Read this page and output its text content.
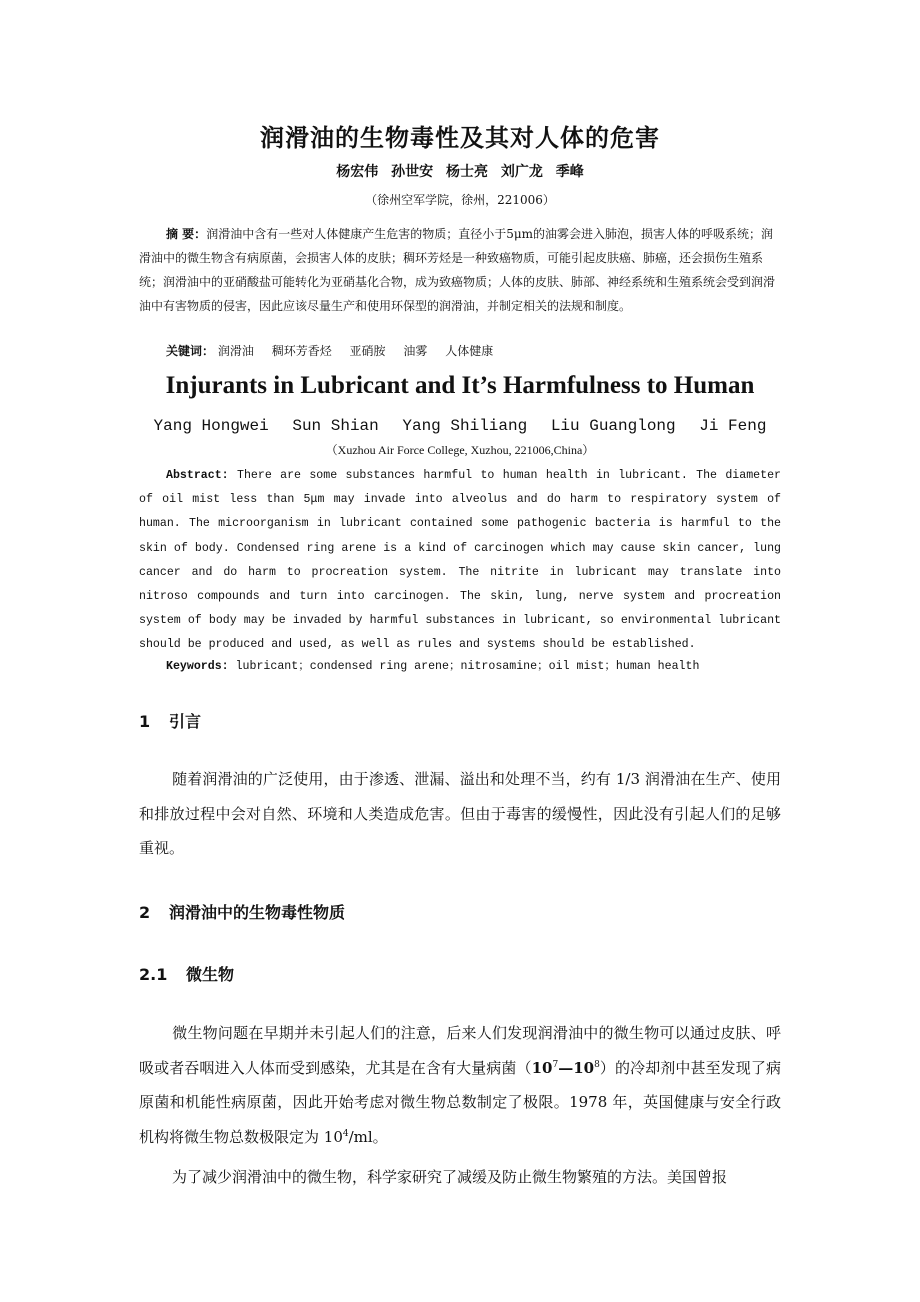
润滑油的生物毒性及其对人体的危害
杨宏伟 孙世安 杨士亮 刘广龙 季峰
（徐州空军学院，徐州，221006）
摘 要：润滑油中含有一些对人体健康产生危害的物质；直径小于5μm的油雾会进入肺泡，损害人体的呼吸系统；润滑油中的微生物含有病原菌，会损害人体的皮肤；稠环芳烃是一种致癌物质，可能引起皮肤癌、肺癌，还会损伤生殖系统；润滑油中的亚硝酸盐可能转化为亚硝基化合物，成为致癌物质；人体的皮肤、肺部、神经系统和生殖系统会受到润滑油中有害物质的侵害，因此应该尽量生产和使用环保型的润滑油，并制定相关的法规和制度。
关键词： 润滑油 稠环芳香烃 亚硝胺 油雾 人体健康
Injurants in Lubricant and It’s Harmfulness to Human
Yang Hongwei Sun Shian Yang Shiliang Liu Guanglong Ji Feng
（Xuzhou Air Force College, Xuzhou, 221006,China）
Abstract: There are some substances harmful to human health in lubricant. The diameter of oil mist less than 5μm may invade into alveolus and do harm to respiratory system of human. The microorganism in lubricant contained some pathogenic bacteria is harmful to the skin of body. Condensed ring arene is a kind of carcinogen which may cause skin cancer, lung cancer and do harm to procreation system. The nitrite in lubricant may translate into nitroso compounds and turn into carcinogen. The skin, lung, nerve system and procreation system of body may be invaded by harmful substances in lubricant, so environmental lubricant should be produced and used, as well as rules and systems should be established.
Keywords: lubricant；condensed ring arene；nitrosamine；oil mist；human health
1 引言
随着润滑油的广泛使用，由于渗透、泄漏、溢出和处理不当，约有 1/3 润滑油在生产、使用和排放过程中会对自然、环境和人类造成危害。但由于毒害的缓慢性，因此没有引起人们的足够重视。
2 润滑油中的生物毒性物质
2.1 微生物
微生物问题在早期并未引起人们的注意，后来人们发现润滑油中的微生物可以通过皮肤、呼吸或者吞咽进入人体而受到感染，尤其是在含有大量病菌$(10^7—10^8)$的冷却剂中甚至发现了病原菌和机能性病原菌，因此开始考虑对微生物总数制定了极限。1978 年，英国健康与安全行政机构将微生物总数极限定为 $10^4/ml$。
为了减少润滑油中的微生物，科学家研究了减缓及防止微生物繁殖的方法。美国曾报
